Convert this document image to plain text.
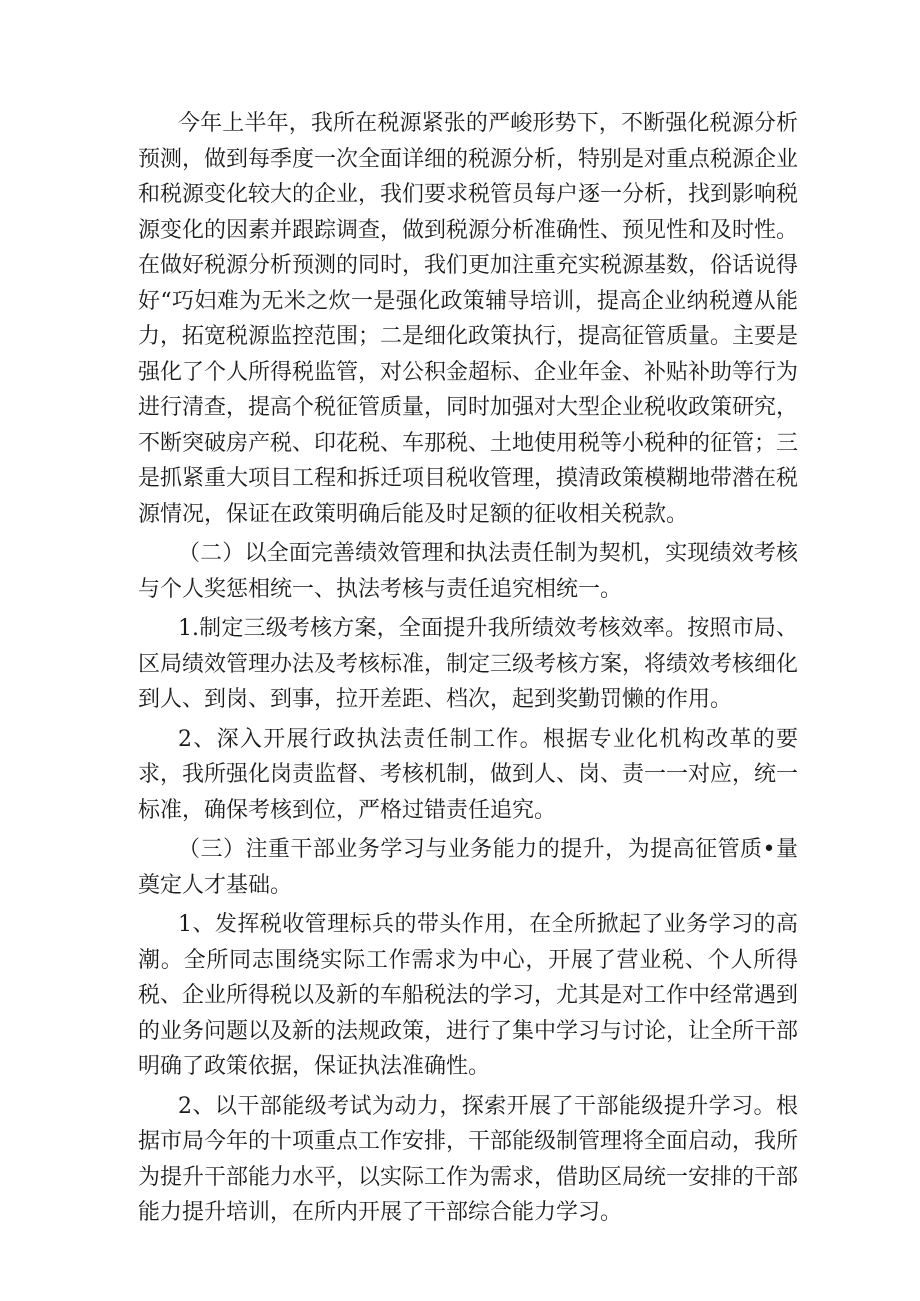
今年上半年，我所在税源紧张的严峻形势下，不断强化税源分析预测，做到每季度一次全面详细的税源分析，特别是对重点税源企业和税源变化较大的企业，我们要求税管员每户逐一分析，找到影响税源变化的因素并跟踪调查，做到税源分析准确性、预见性和及时性。在做好税源分析预测的同时，我们更加注重充实税源基数，俗话说得好“巧妇难为无米之炊一是强化政策辅导培训，提高企业纳税遵从能力，拓宽税源监控范围；二是细化政策执行，提高征管质量。主要是强化了个人所得税监管，对公积金超标、企业年金、补贴补助等行为进行清查，提高个税征管质量，同时加强对大型企业税收政策研究，不断突破房产税、印花税、车那税、土地使用税等小税种的征管；三是抓紧重大项目工程和拆迁项目税收管理，摸清政策模糊地带潜在税源情况，保证在政策明确后能及时足额的征收相关税款。

（二）以全面完善绩效管理和执法责任制为契机，实现绩效考核与个人奖惩相统一、执法考核与责任追究相统一。

1.制定三级考核方案，全面提升我所绩效考核效率。按照市局、区局绩效管理办法及考核标准，制定三级考核方案，将绩效考核细化到人、到岗、到事，拉开差距、档次，起到奖勤罚懒的作用。

2、深入开展行政执法责任制工作。根据专业化机构改革的要求，我所强化岗责监督、考核机制，做到人、岗、责一一对应，统一标准，确保考核到位，严格过错责任追究。

（三）注重干部业务学习与业务能力的提升，为提高征管质•量奠定人才基础。

1、发挥税收管理标兵的带头作用，在全所掀起了业务学习的高潮。全所同志围绕实际工作需求为中心，开展了营业税、个人所得税、企业所得税以及新的车船税法的学习，尤其是对工作中经常遇到的业务问题以及新的法规政策，进行了集中学习与讨论，让全所干部明确了政策依据，保证执法准确性。

2、以干部能级考试为动力，探索开展了干部能级提升学习。根据市局今年的十项重点工作安排，干部能级制管理将全面启动，我所为提升干部能力水平，以实际工作为需求，借助区局统一安排的干部能力提升培训，在所内开展了干部综合能力学习。
